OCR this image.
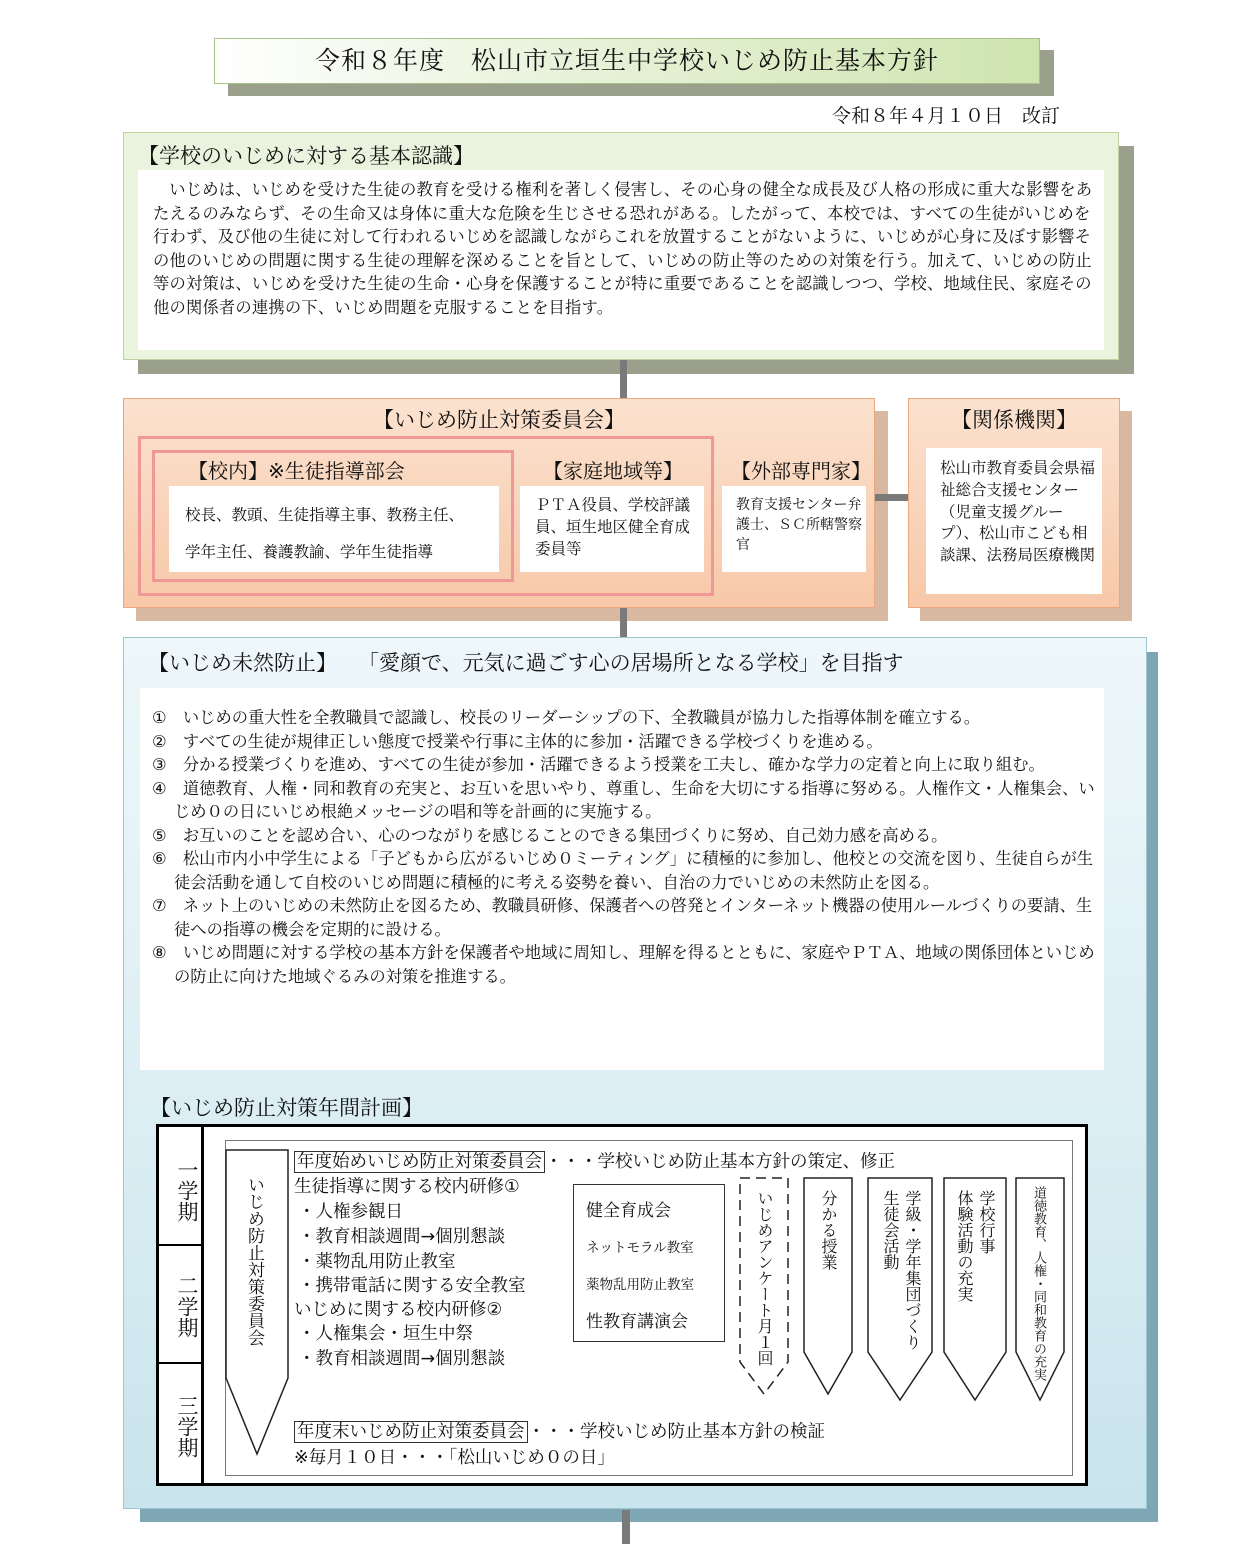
令和８年度　松山市立垣生中学校いじめ防止基本方針
令和８年４月１０日　改訂
【学校のいじめに対する基本認識】
いじめは、いじめを受けた生徒の教育を受ける権利を著しく侵害し、その心身の健全な成長及び人格の形成に重大な影響をあたえるのみならず、その生命又は身体に重大な危険を生じさせる恐れがある。したがって、本校では、すべての生徒がいじめを行わず、及び他の生徒に対して行われるいじめを認識しながらこれを放置することがないように、いじめが心身に及ぼす影響その他のいじめの問題に関する生徒の理解を深めることを旨として、いじめの防止等のための対策を行う。加えて、いじめの防止等の対策は、いじめを受けた生徒の生命・心身を保護することが特に重要であることを認識しつつ、学校、地域住民、家庭その他の関係者の連携の下、いじめ問題を克服することを目指す。
【いじめ防止対策委員会】
【校内】※生徒指導部会
校長、教頭、生徒指導主事、教務主任、
学年主任、養護教諭、学年生徒指導
【家庭地域等】
ＰＴＡ役員、学校評議員、垣生地区健全育成委員等
【外部専門家】
教育支援センター弁護士、ＳＣ所轄警察官
【関係機関】
松山市教育委員会県福祉総合支援センター（児童支援グループ）、松山市こども相談課、法務局医療機関
【いじめ未然防止】　　「愛顔で、元気に過ごす心の居場所となる学校」を目指す
①　いじめの重大性を全教職員で認識し、校長のリーダーシップの下、全教職員が協力した指導体制を確立する。
②　すべての生徒が規律正しい態度で授業や行事に主体的に参加・活躍できる学校づくりを進める。
③　分かる授業づくりを進め、すべての生徒が参加・活躍できるよう授業を工夫し、確かな学力の定着と向上に取り組む。
④　道徳教育、人権・同和教育の充実と、お互いを思いやり、尊重し、生命を大切にする指導に努める。人権作文・人権集会、いじめ０の日にいじめ根絶メッセージの唱和等を計画的に実施する。
⑤　お互いのことを認め合い、心のつながりを感じることのできる集団づくりに努め、自己効力感を高める。
⑥　松山市内小中学生による「子どもから広がるいじめ０ミーティング」に積極的に参加し、他校との交流を図り、生徒自らが生徒会活動を通して自校のいじめ問題に積極的に考える姿勢を養い、自治の力でいじめの未然防止を図る。
⑦　ネット上のいじめの未然防止を図るため、教職員研修、保護者への啓発とインターネット機器の使用ルールづくりの要請、生徒への指導の機会を定期的に設ける。
⑧　いじめ問題に対する学校の基本方針を保護者や地域に周知し、理解を得るとともに、家庭やＰＴＡ、地域の関係団体といじめの防止に向けた地域ぐるみの対策を推進する。
【いじめ防止対策年間計画】
一学期
二学期
三学期
いじめ防止対策委員会
年度始めいじめ防止対策委員会 ・・・学校いじめ防止基本方針の策定、修正
生徒指導に関する校内研修①
・人権参観日
・教育相談週間→個別懇談
・薬物乱用防止教室
・携帯電話に関する安全教室
いじめに関する校内研修②
・人権集会・垣生中祭
・教育相談週間→個別懇談
年度末いじめ防止対策委員会 ・・・学校いじめ防止基本方針の検証
※毎月１０日・・・「松山いじめ０の日」
健全育成会
ネットモラル教室
薬物乱用防止教室
性教育講演会	いじめアンケート月１回	分かる授業	学級・学年集団づくり
生徒会活動	学校行事
体験活動の充実	道徳教育、人権・同和教育の充実
